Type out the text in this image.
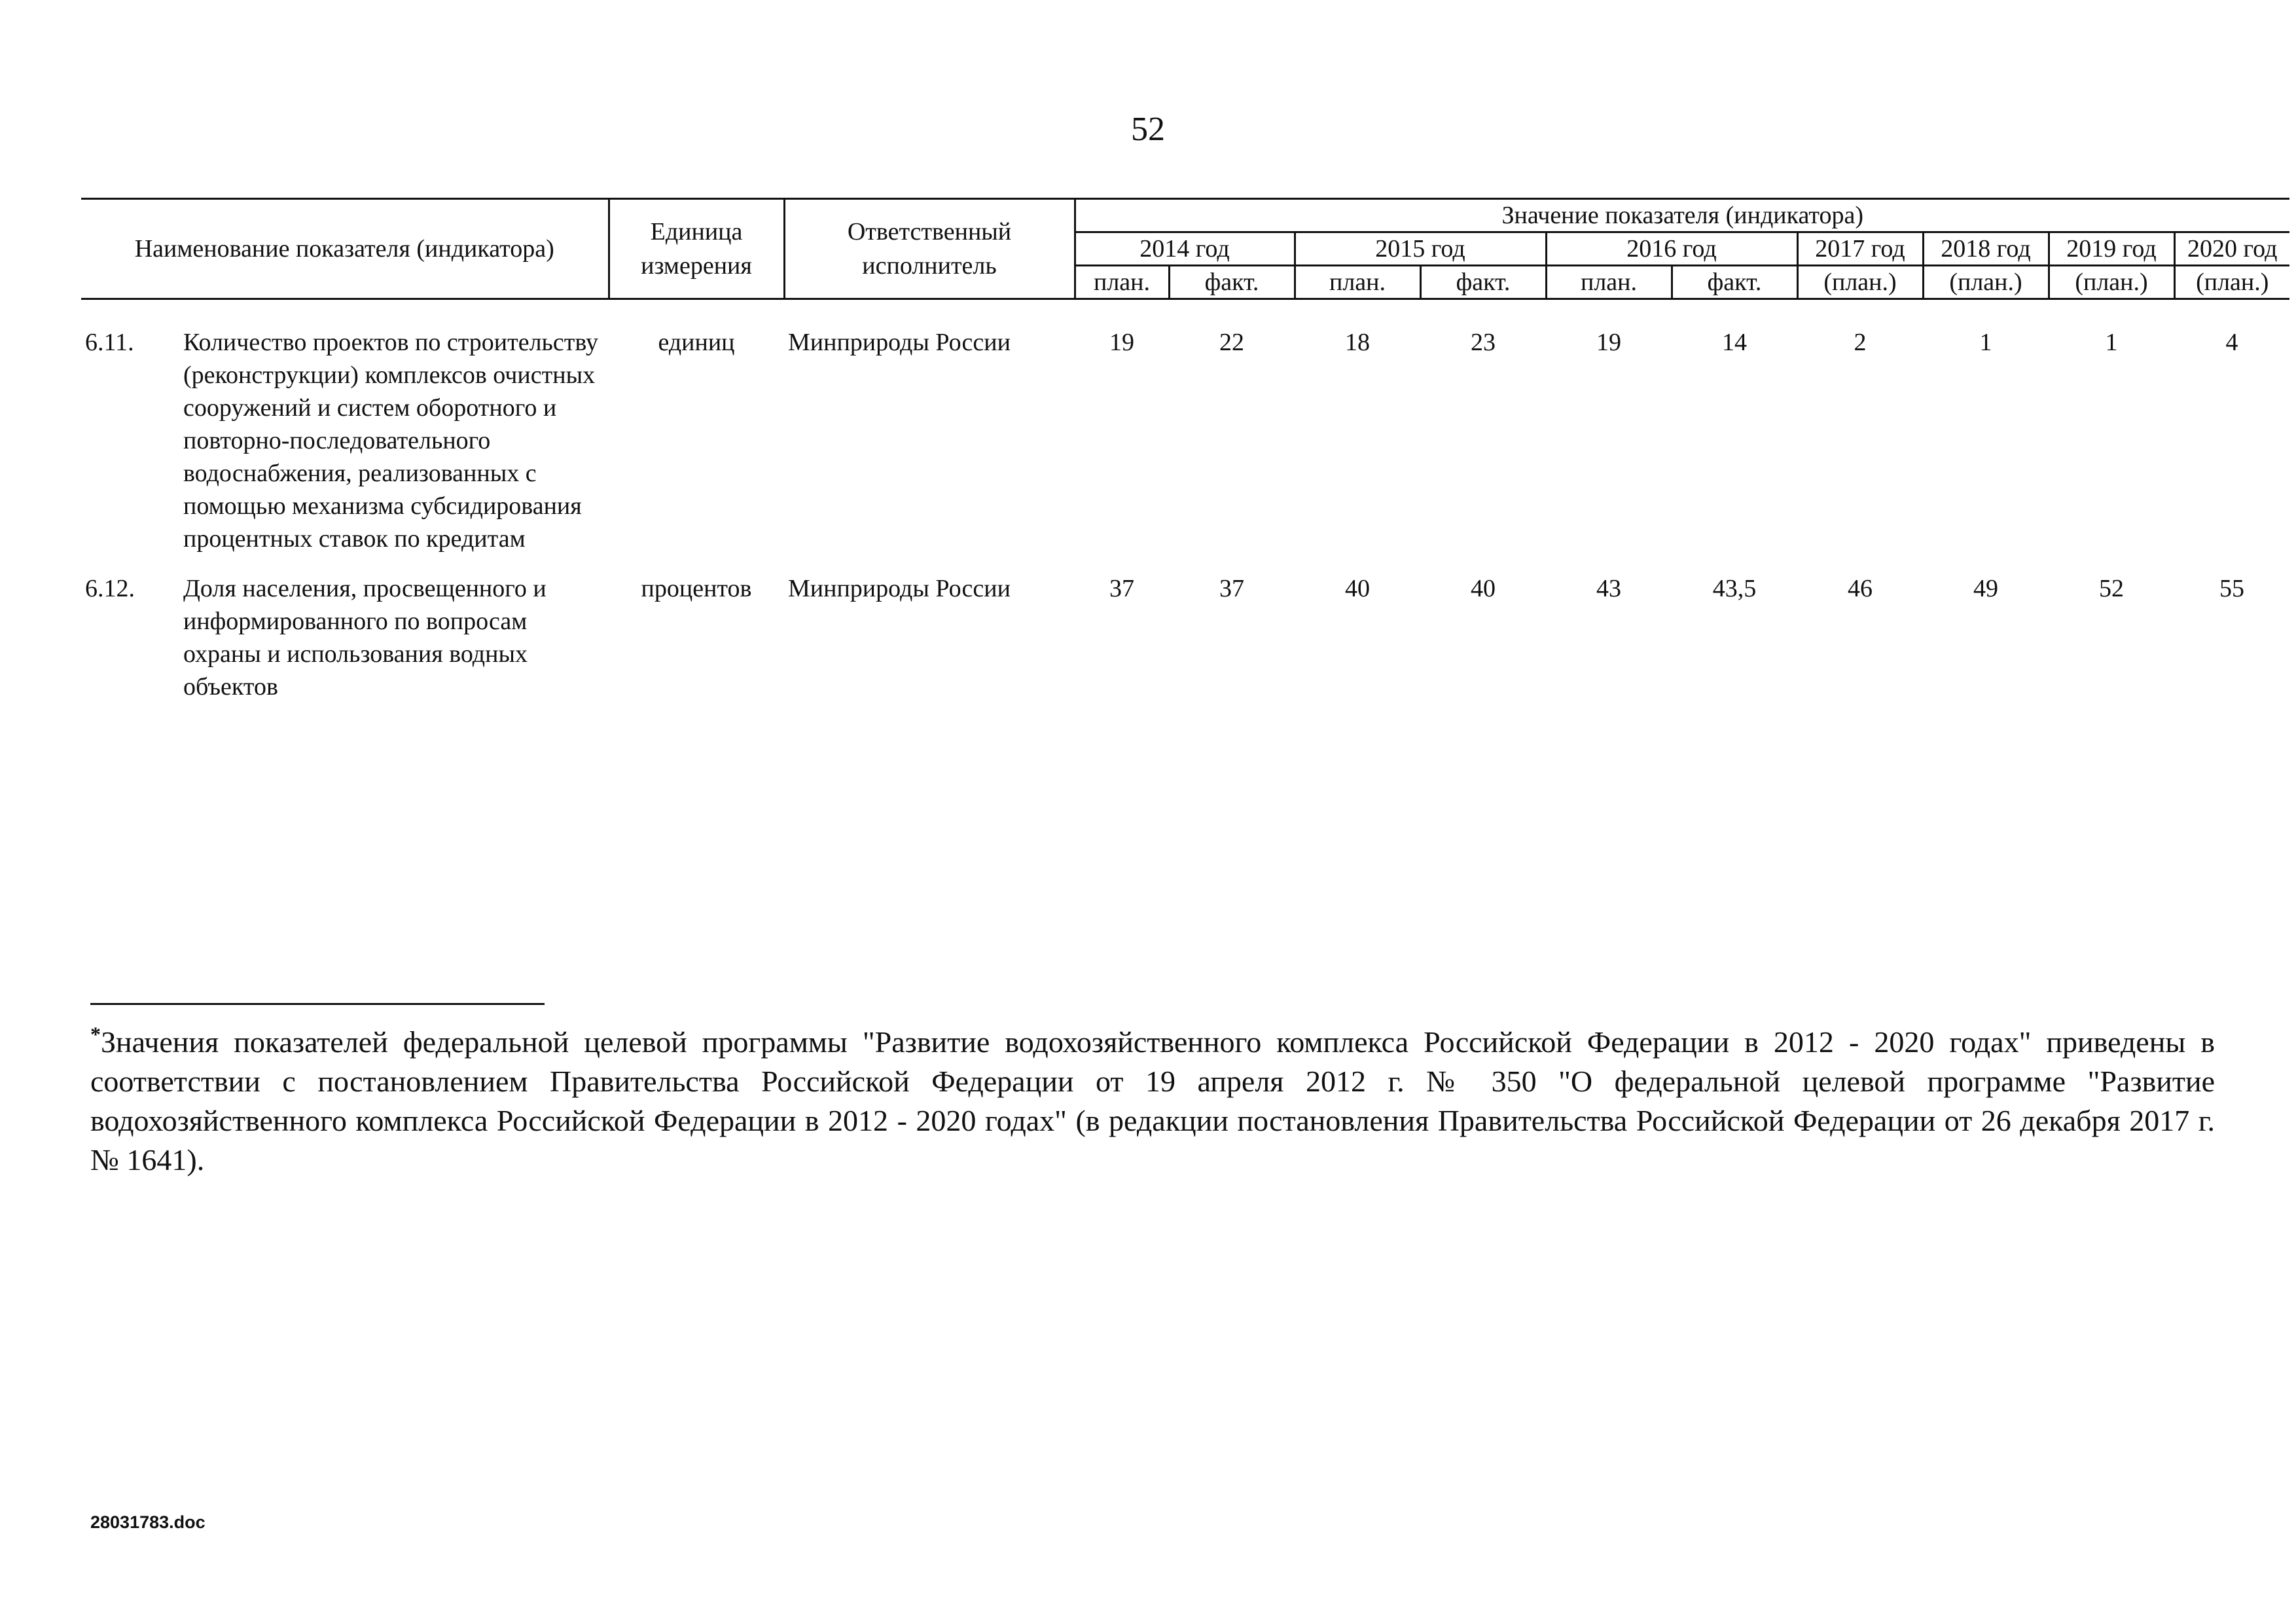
52
Наименование показателя (индикатора)		Единица измерения	Ответственный исполнитель	Значение показателя (индикатора)									
				2014 год		2015 год		2016 год		2017 год	2018 год	2019 год	2020 год
				план.	факт.	план.	факт.	план.	факт.	(план.)	(план.)	(план.)	(план.)

6.11.	Количество проектов по строительству (реконструкции) комплексов очистных сооружений и систем оборотного и повторно-последовательного водоснабжения, реализованных с помощью механизма субсидирования процентных ставок по кредитам	единиц	Минприроды России	19	22	18	23	19	14	2	1	1	4
6.12.	Доля населения, просвещенного и информированного по вопросам охраны и использования водных объектов	процентов	Минприроды России	37	37	40	40	43	43,5	46	49	52	55

*Значения показателей федеральной целевой программы "Развитие водохозяйственного комплекса Российской Федерации в 2012 - 2020 годах" приведены в соответствии с постановлением Правительства Российской Федерации от 19 апреля 2012 г. № 350 "О федеральной целевой программе "Развитие водохозяйственного комплекса Российской Федерации в 2012 - 2020 годах" (в редакции постановления Правительства Российской Федерации от 26 декабря 2017 г. № 1641).

28031783.doc
